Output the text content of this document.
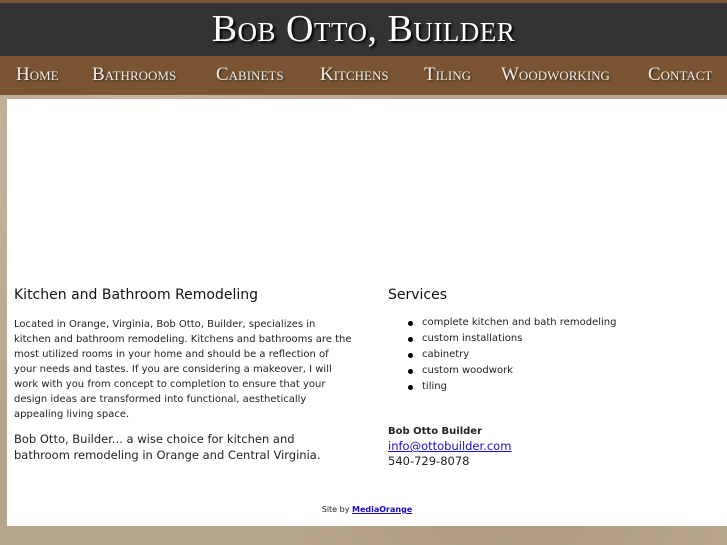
Bob Otto, Builder
Home Bathrooms Cabinets Kitchens Tiling Woodworking Contact
Kitchen and Bathroom Remodeling

Located in Orange, Virginia, Bob Otto, Builder, specializes in kitchen and bathroom remodeling. Kitchens and bathrooms are the most utilized rooms in your home and should be a reflection of your needs and tastes. If you are considering a makeover, I will work with you from concept to completion to ensure that your design ideas are transformed into functional, aesthetically appealing living space.

Bob Otto, Builder... a wise choice for kitchen and bathroom remodeling in Orange and Central Virginia.

Services
complete kitchen and bath remodeling
custom installations
cabinetry
custom woodwork
tiling
Bob Otto Builder
info@ottobuilder.com
540-729-8078
Site by MediaOrange
